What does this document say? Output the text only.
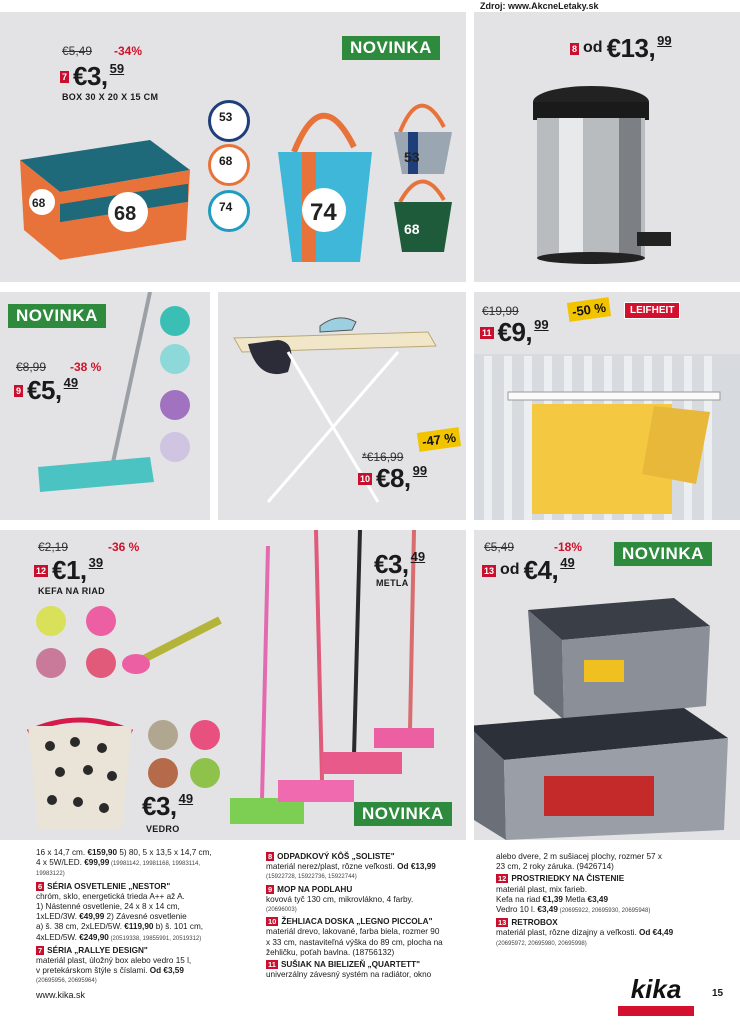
Zdroj: www.AkcneLetaky.sk
€5,49 -34%
7 €3, 59
BOX 30 X 20 X 15 CM
68
68
53
68
74
NOVINKA
74
53
68
8 od €13, 99
NOVINKA
€8,99 -38 %
9 €5, 49
-47 %
*€16,99
10 €8, 99
€19,99	-50 %	LEIFHEIT
11 €9, 99
€2,19	-36 %
12 €1, 39
KEFA NA RIAD
€3, 49
VEDRO
€3, 49
METLA
NOVINKA
€5,49	-18%	NOVINKA
13 od €4, 49
16 x 14,7 cm. €159,90 5) 80, 5 x 13,5 x 14,7 cm,
4 x 5W/LED. €99,99 (19981142, 19981168, 19983114,
19983122)
6 SÉRIA OSVETLENIE „NESTOR"
chróm, sklo, energetická trieda A++ až A.
1) Nástenné osvetlenie, 24 x 8 x 14 cm,
1xLED/3W. €49,99 2) Závesné osvetlenie
a) š. 38 cm, 2xLED/5W. €119,90 b) š. 101 cm,
4xLED/5W. €249,90 (20519338, 19855991, 20519312)
7 SÉRIA „RALLYE DESIGN"
materiál plast, úložný box alebo vedro 15 l,
v pretekárskom štýle s číslami. Od €3,59
(20695956, 20695964)
www.kika.sk
8 ODPADKOVÝ KÔŠ „SOLISTE"
materiál nerez/plast, rôzne veľkosti. Od €13,99
(15922728, 15922736, 15922744)
9 MOP NA PODLAHU
kovová tyč 130 cm, mikrovlákno, 4 farby.
(20696003)
10 ŽEHLIACA DOSKA „LEGNO PICCOLA"
materiál drevo, lakované, farba biela, rozmer 90
x 33 cm, nastaviteľná výška do 89 cm, plocha na
žehličku, poťah bavlna. (18756132)
11 SUŠIAK NA BIELIZEŇ „QUARTETT"
univerzálny závesný systém na radiátor, okno
alebo dvere, 2 m sušiacej plochy, rozmer 57 x
23 cm, 2 roky záruka. (9426714)
12 PROSTRIEDKY NA ČISTENIE
materiál plast, mix farieb.
Kefa na riad €1,39 Metla €3,49
Vedro 10 l. €3,49 (20695922, 20695930, 20695948)
13 RETROBOX
materiál plast, rôzne dizajny a veľkosti. Od €4,49
(20695972, 20695980, 20695998)
kika	15
